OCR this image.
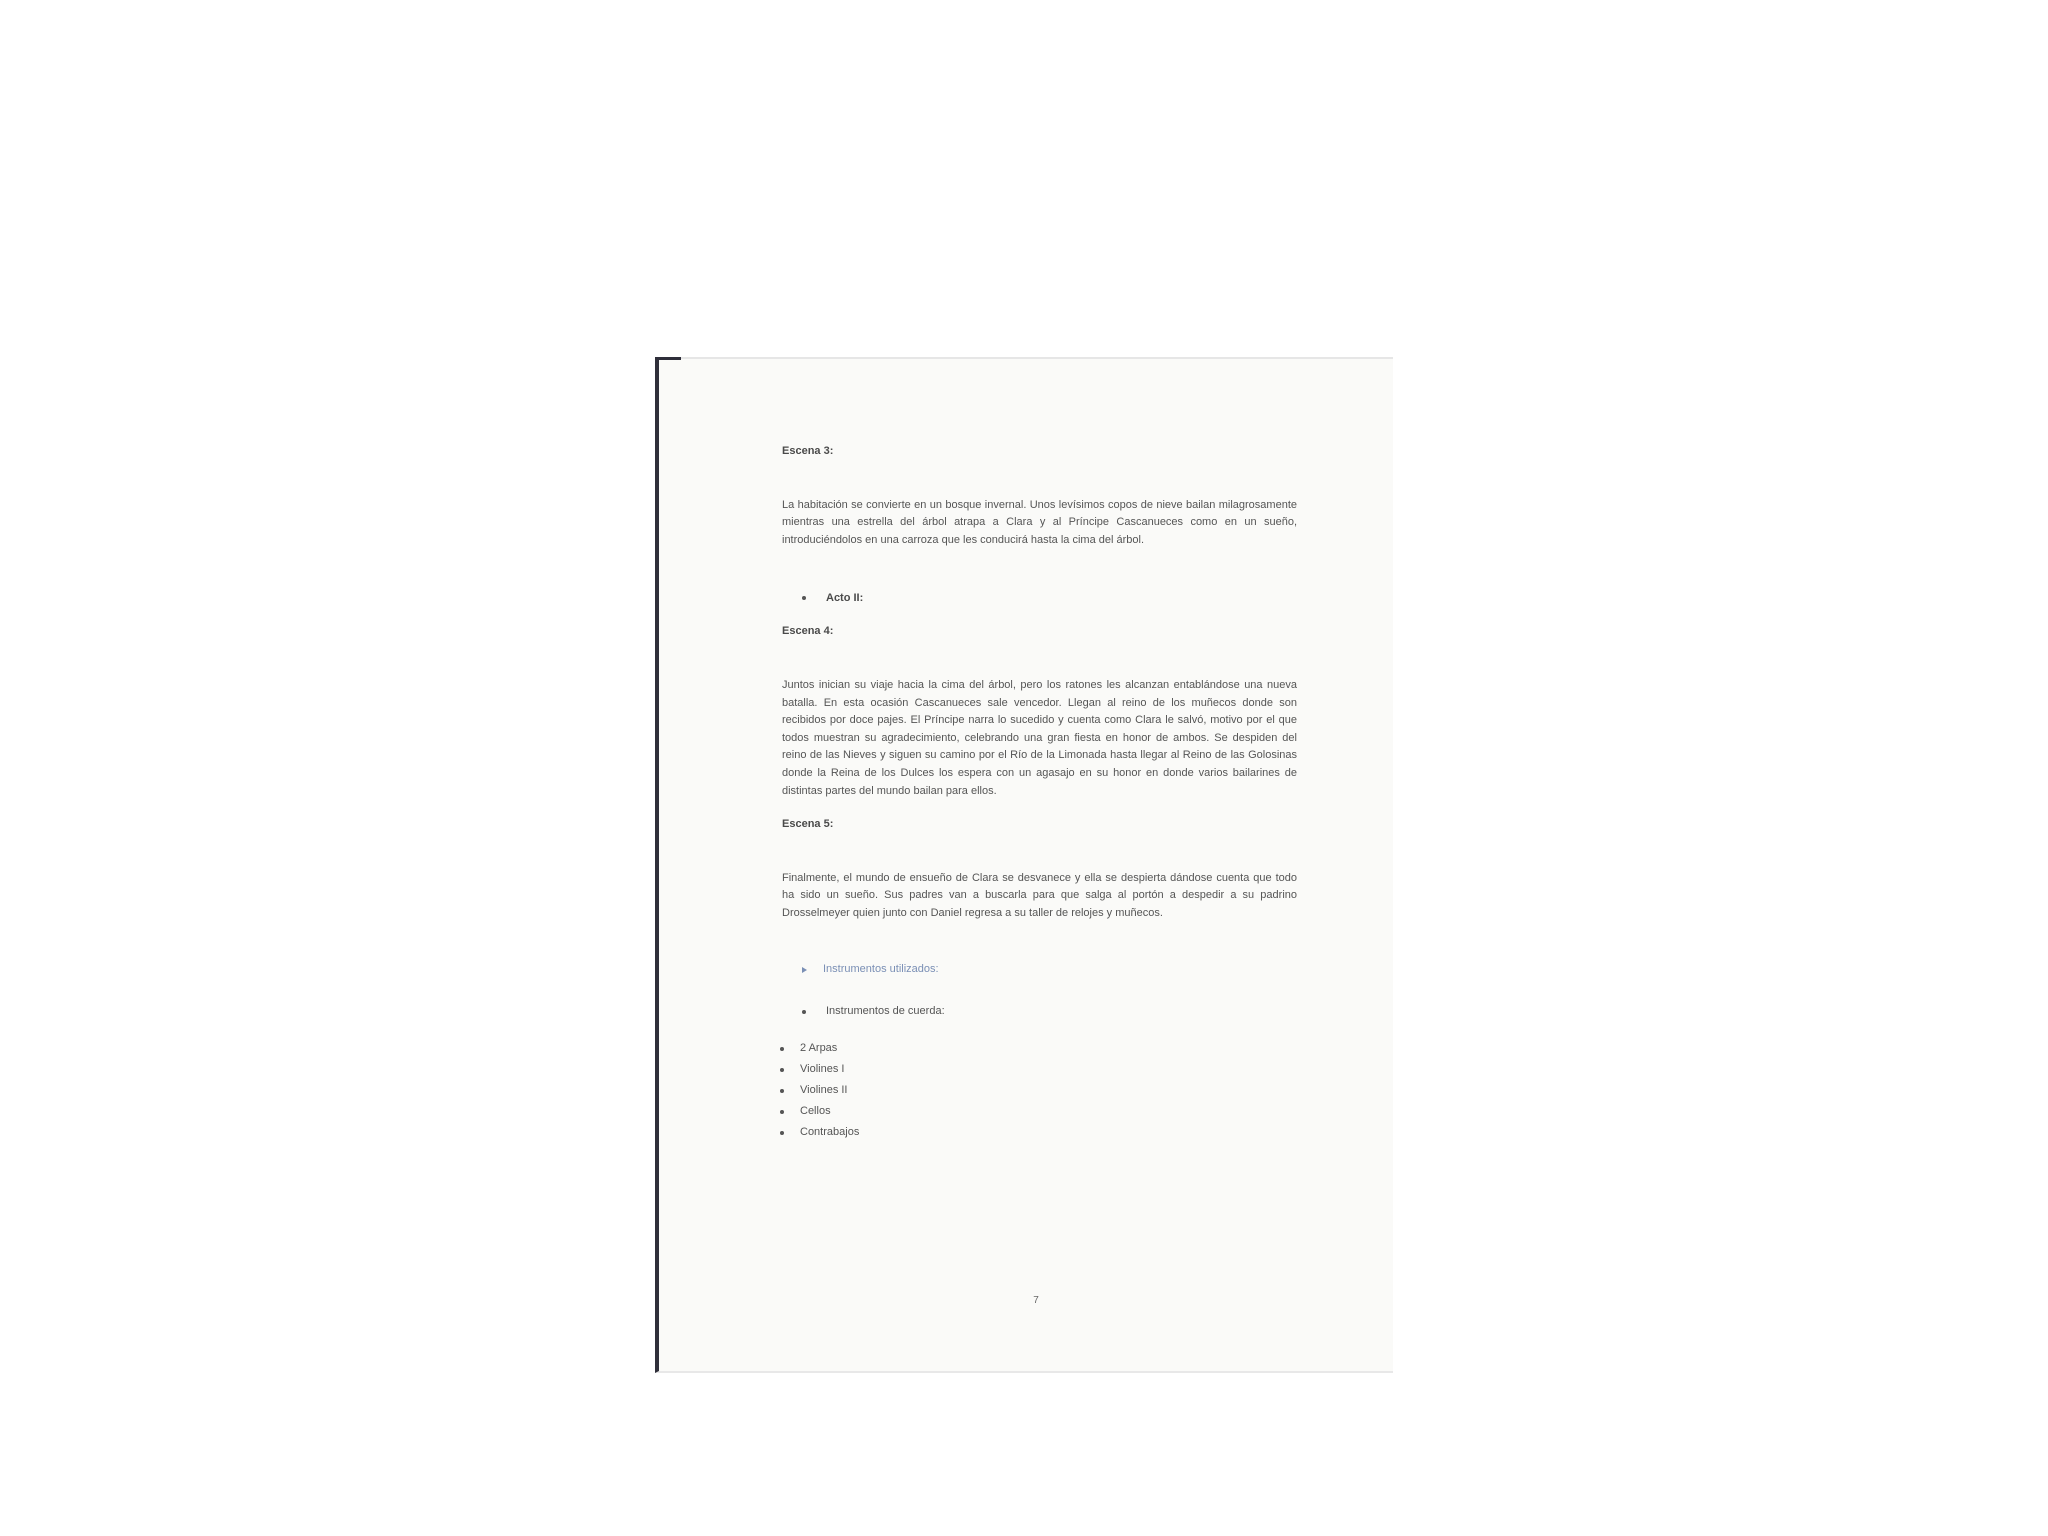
Escena 3:

La habitación se convierte en un bosque invernal. Unos levísimos copos de nieve bailan milagrosamente mientras una estrella del árbol atrapa a Clara y al Príncipe Cascanueces como en un sueño, introduciéndolos en una carroza que les conducirá hasta la cima del árbol.

Acto II:

Escena 4:

Juntos inician su viaje hacia la cima del árbol, pero los ratones les alcanzan entablándose una nueva batalla. En esta ocasión Cascanueces sale vencedor. Llegan al reino de los muñecos donde son recibidos por doce pajes. El Príncipe narra lo sucedido y cuenta como Clara le salvó, motivo por el que todos muestran su agradecimiento, celebrando una gran fiesta en honor de ambos. Se despiden del reino de las Nieves y siguen su camino por el Río de la Limonada hasta llegar al Reino de las Golosinas donde la Reina de los Dulces los espera con un agasajo en su honor en donde varios bailarines de distintas partes del mundo bailan para ellos.

Escena 5:

Finalmente, el mundo de ensueño de Clara se desvanece y ella se despierta dándose cuenta que todo ha sido un sueño. Sus padres van a buscarla para que salga al portón a despedir a su padrino Drosselmeyer quien junto con Daniel regresa a su taller de relojes y muñecos.

Instrumentos utilizados:
Instrumentos de cuerda:
2 Arpas
Violines I
Violines II
Cellos
Contrabajos
7
